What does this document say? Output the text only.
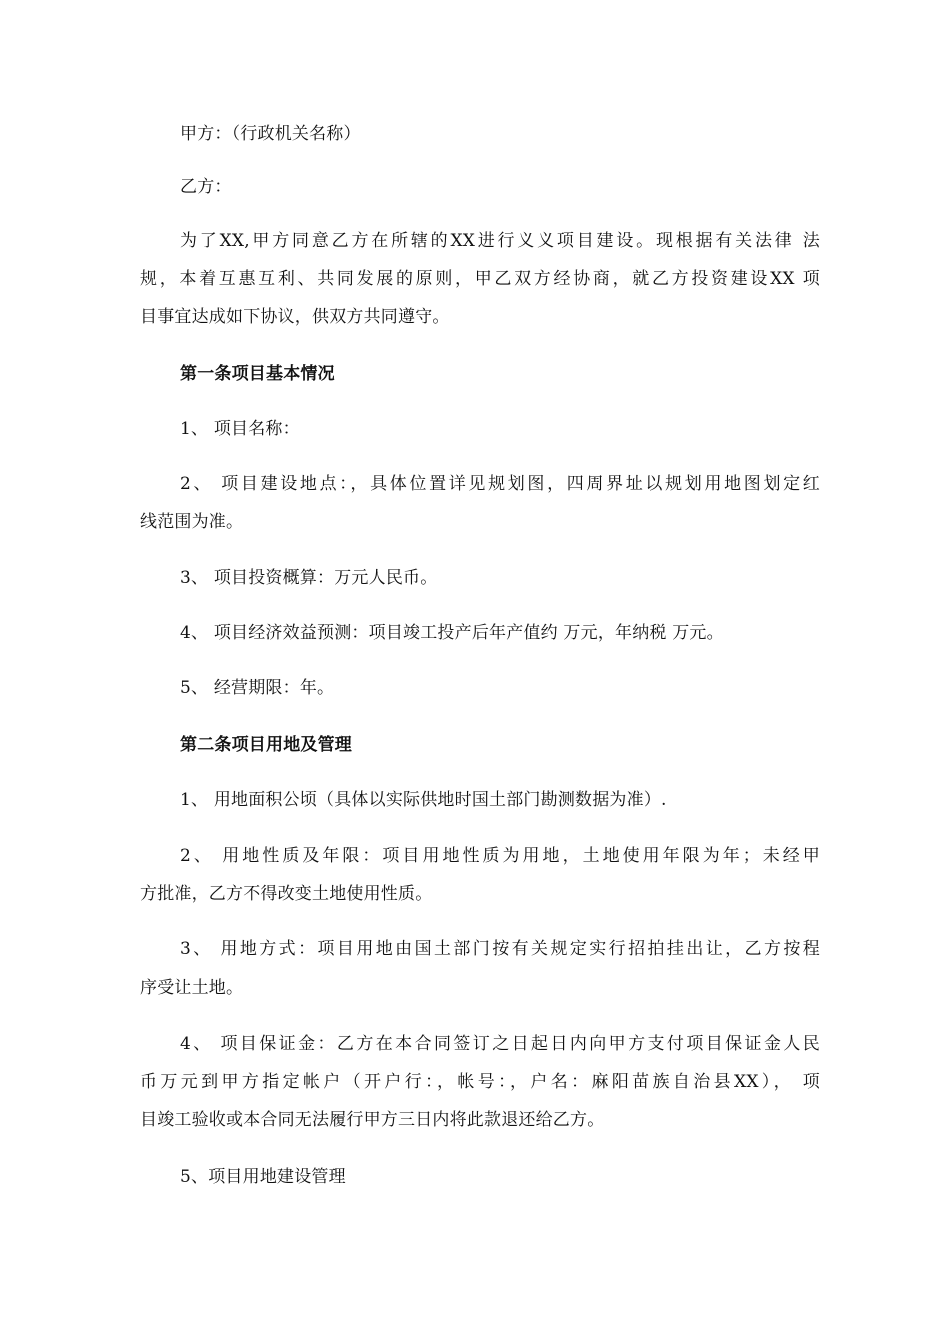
甲方：（行政机关名称）
乙方：
为了XX,甲方同意乙方在所辖的XX进行义义项目建设。现根据有关法律 法
规，本着互惠互利、共同发展的原则，甲乙双方经协商，就乙方投资建设XX 项
目事宜达成如下协议，供双方共同遵守。
第一条项目基本情况
1、 项目名称：
2、 项目建设地点：，具体位置详见规划图，四周界址以规划用地图划定红
线范围为准。
3、 项目投资概算：万元人民币。
4、 项目经济效益预测：项目竣工投产后年产值约 万元，年纳税 万元。
5、 经营期限：年。
第二条项目用地及管理
1、 用地面积公顷（具体以实际供地时国土部门勘测数据为准）.
2、 用地性质及年限：项目用地性质为用地，土地使用年限为年；未经甲
方批准，乙方不得改变土地使用性质。
3、 用地方式：项目用地由国土部门按有关规定实行招拍挂出让，乙方按程
序受让土地。
4、 项目保证金：乙方在本合同签订之日起日内向甲方支付项目保证金人民
币万元到甲方指定帐户（开户行：，帐号：，户名：麻阳苗族自治县XX）， 项
目竣工验收或本合同无法履行甲方三日内将此款退还给乙方。
5、项目用地建设管理
